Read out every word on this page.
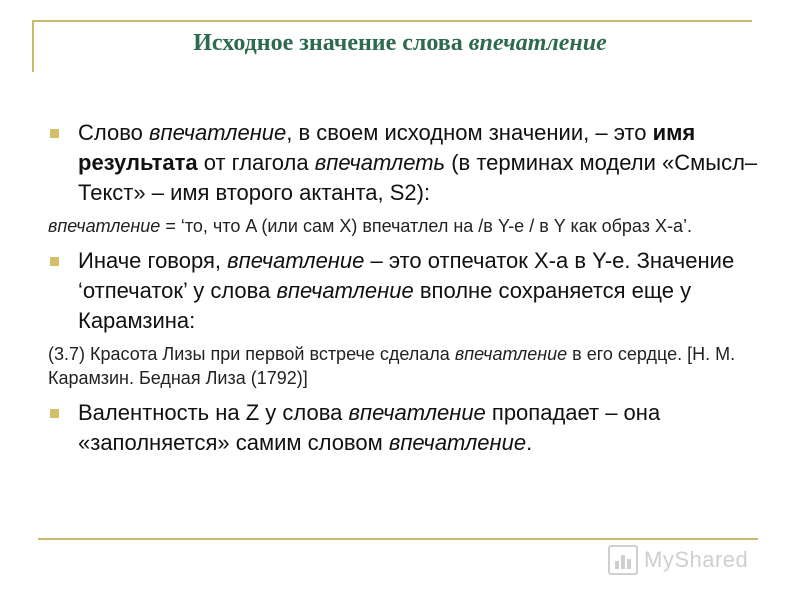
Исходное значение слова впечатление
Слово впечатление, в своем исходном значении, – это имя результата от глагола впечатлеть (в терминах модели «Смысл–Текст» – имя второго актанта, S2):
впечатление = ‘то, что A (или сам X) впечатлел на /в Y-е / в Y как образ X-а’.
Иначе говоря, впечатление – это отпечаток X-а в Y-е. Значение ‘отпечаток’ у слова впечатление вполне сохраняется еще у Карамзина:
(3.7) Красота Лизы при первой встрече сделала впечатление в его сердце. [Н. М. Карамзин. Бедная Лиза (1792)]
Валентность на Z у слова впечатление пропадает – она «заполняется» самим словом впечатление.
MyShared
